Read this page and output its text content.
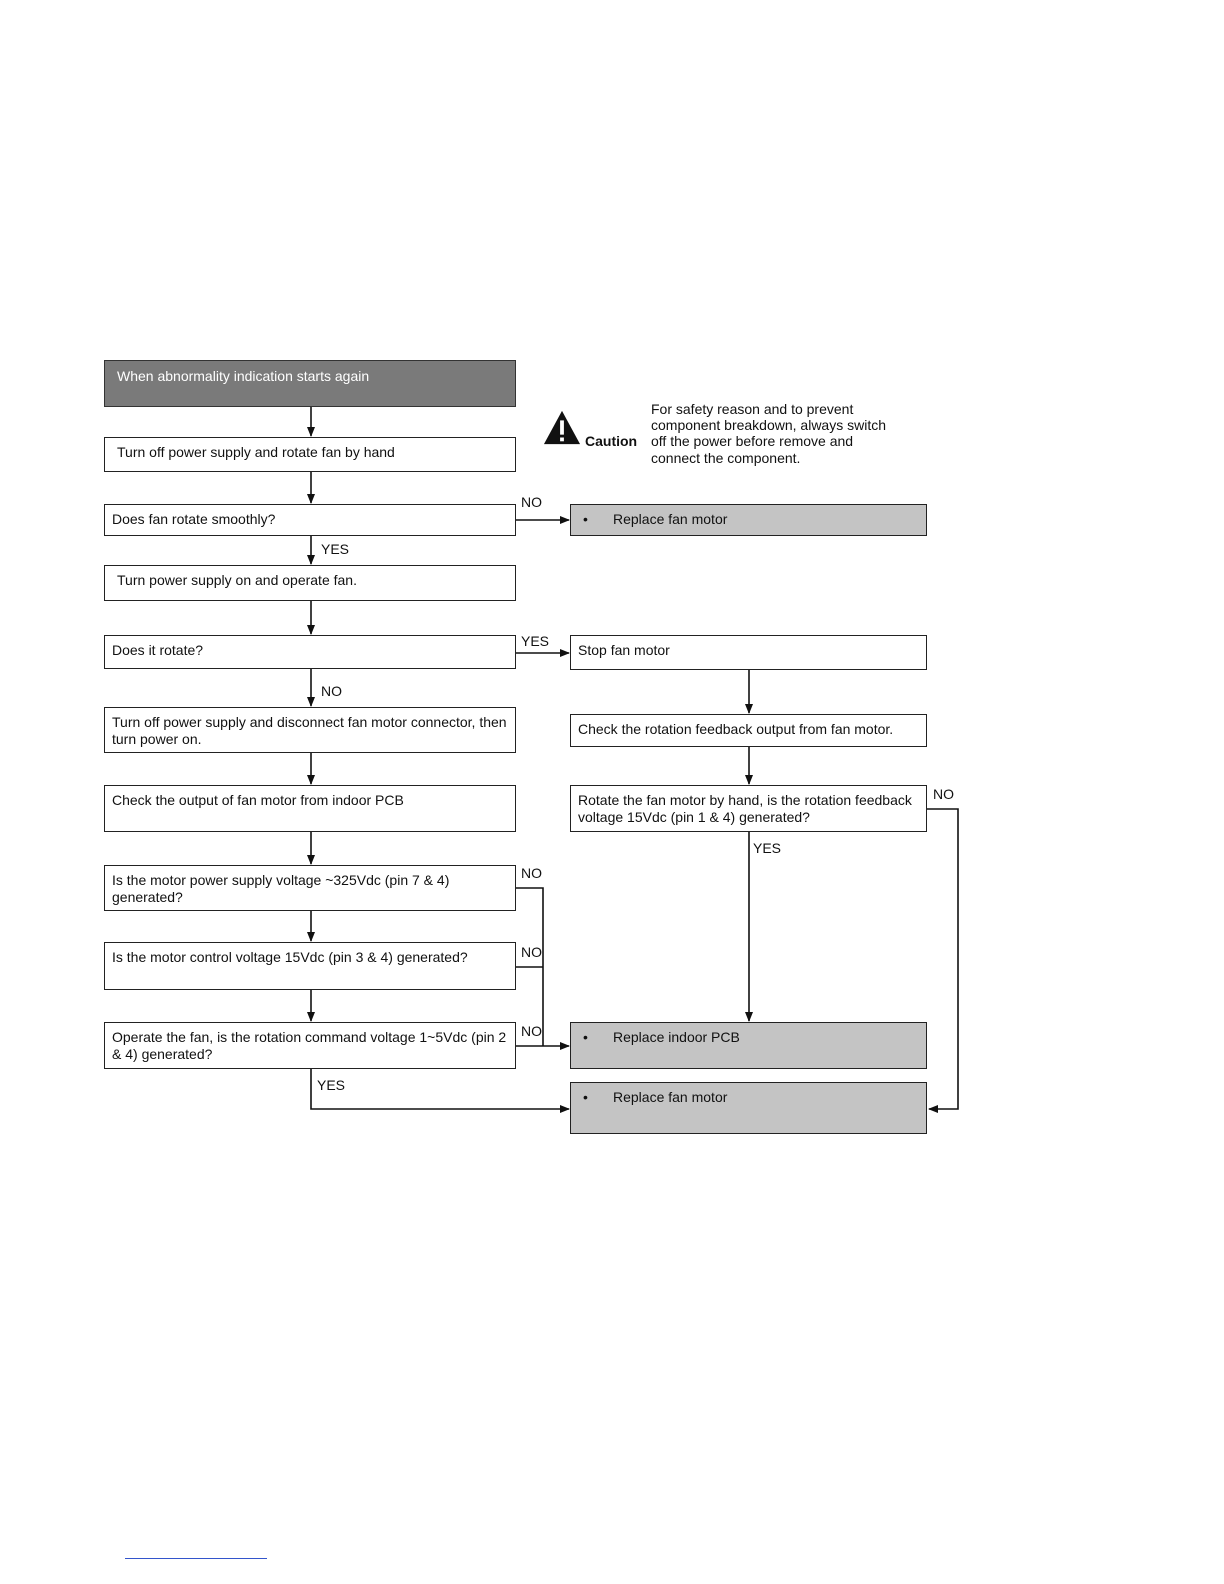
When abnormality indication starts again
Turn off power supply and rotate fan by hand
Does fan rotate smoothly?
Turn power supply on and operate fan.
Does it rotate?
Turn off power supply and disconnect fan motor connector, then turn power on.
Check the output of fan motor from indoor PCB
Is the motor power supply voltage ~325Vdc (pin 7 & 4) generated?
Is the motor control voltage 15Vdc (pin 3 & 4) generated?
Operate the fan, is the rotation command voltage 1~5Vdc (pin 2 & 4) generated?
Stop fan motor
Check the rotation feedback output from fan motor.
Rotate the fan motor by hand, is the rotation feedback voltage 15Vdc (pin 1 & 4) generated?
• Replace fan motor
• Replace indoor PCB
• Replace fan motor
Caution
For safety reason and to prevent component breakdown, always switch off the power before remove and connect the component.
NO
YES
YES
NO
NO
YES
NO
NO
NO
YES
